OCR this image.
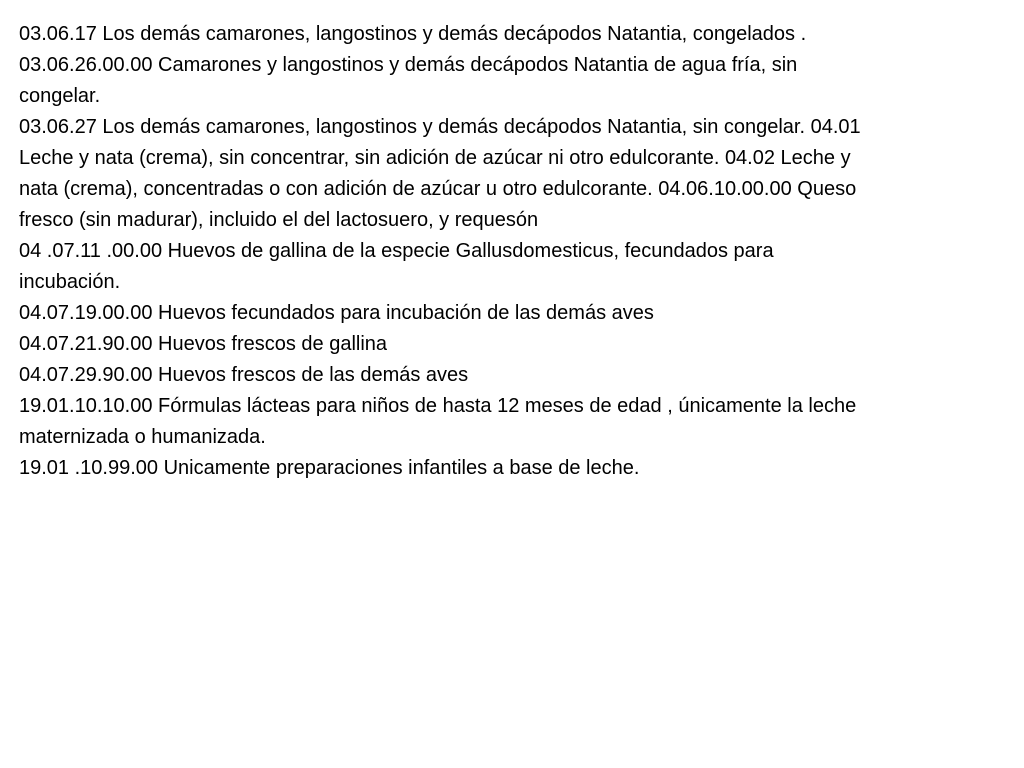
03.06.17 Los demás camarones, langostinos y demás decápodos Natantia, congelados .
03.06.26.00.00 Camarones y langostinos y demás decápodos Natantia de agua fría, sin
congelar.
03.06.27 Los demás camarones, langostinos y demás decápodos Natantia, sin congelar. 04.01
Leche y nata (crema), sin concentrar, sin adición de azúcar ni otro edulcorante. 04.02 Leche y
nata (crema), concentradas o con adición de azúcar u otro edulcorante. 04.06.10.00.00 Queso
fresco (sin madurar), incluido el del lactosuero, y requesón
04 .07.11 .00.00 Huevos de gallina de la especie Gallusdomesticus, fecundados para
incubación.
04.07.19.00.00 Huevos fecundados para incubación de las demás aves
04.07.21.90.00 Huevos frescos de gallina
04.07.29.90.00 Huevos frescos de las demás aves
19.01.10.10.00 Fórmulas lácteas para niños de hasta 12 meses de edad , únicamente la leche
maternizada o humanizada.
19.01 .10.99.00 Unicamente preparaciones infantiles a base de leche.
